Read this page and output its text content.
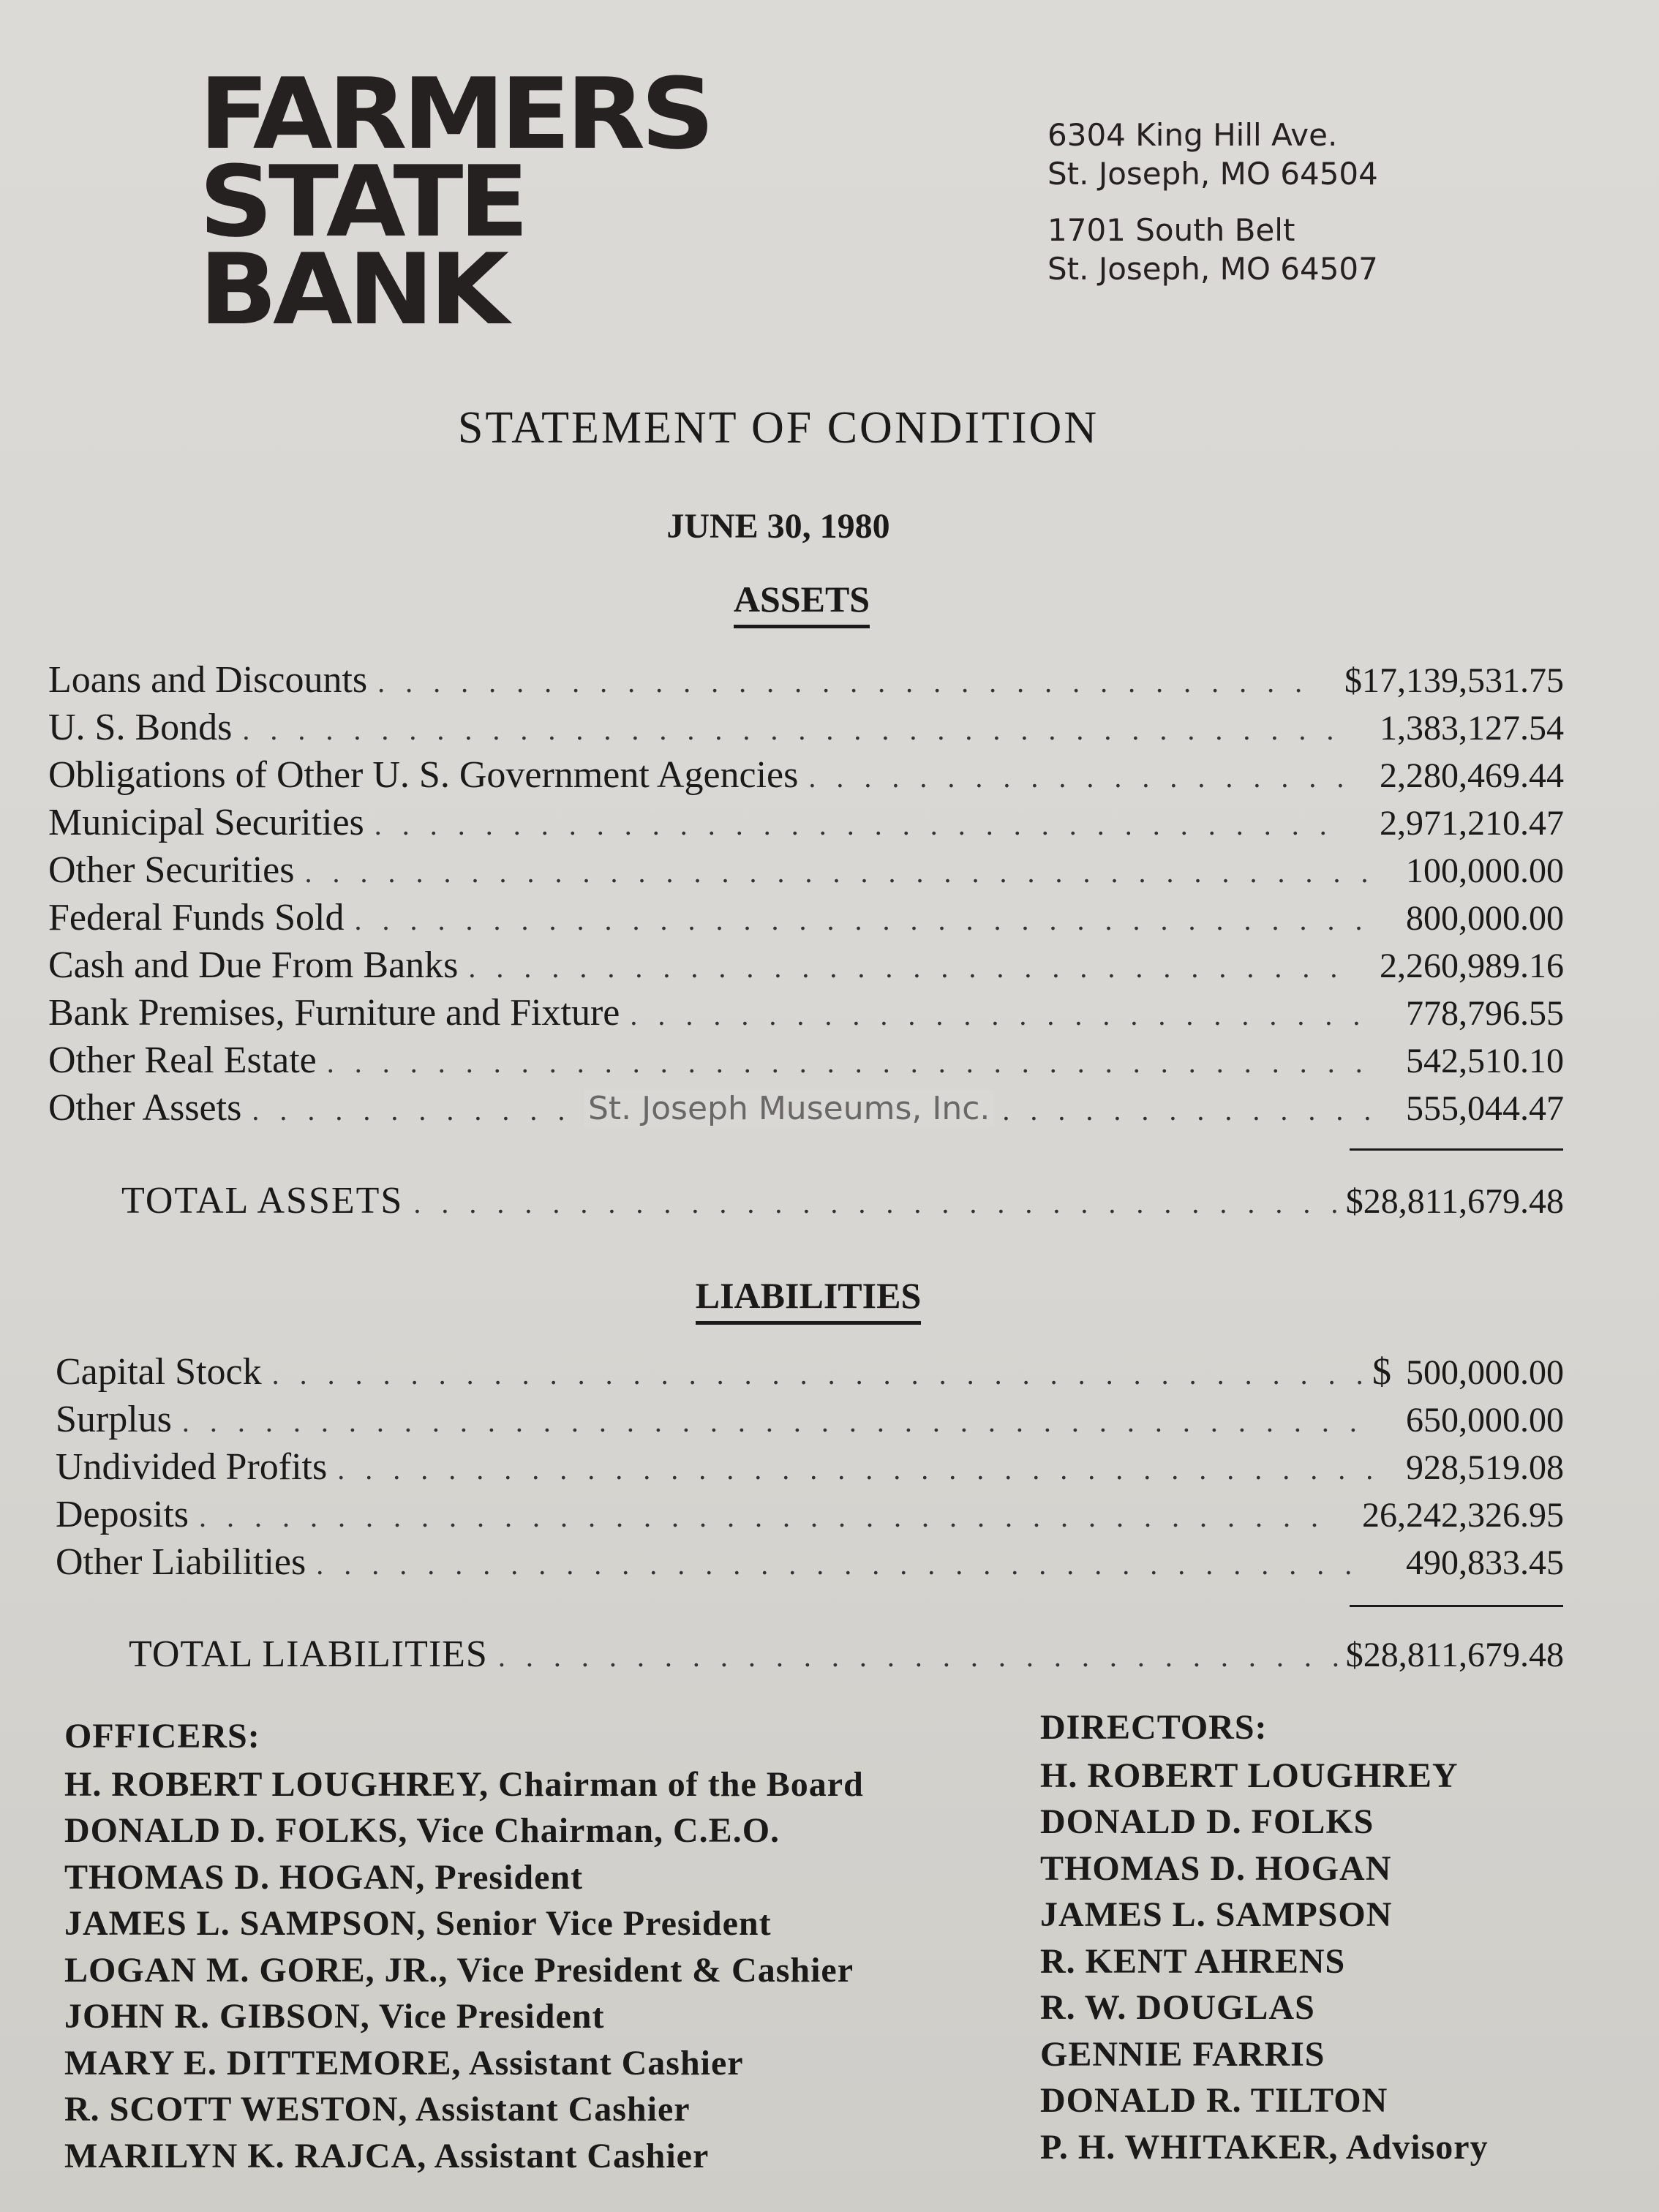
FARMERS
STATE
BANK
6304 King Hill Ave.
St. Joseph, MO 64504
1701 South Belt
St. Joseph, MO 64507
STATEMENT OF CONDITION
JUNE 30, 1980
ASSETS
Loans and Discounts . . .	$17,139,531.75
U. S. Bonds . . .	1,383,127.54
Obligations of Other U. S. Government Agencies . . .	2,280,469.44
Municipal Securities . . .	2,971,210.47
Other Securities . . .	100,000.00
Federal Funds Sold . . .	800,000.00
Cash and Due From Banks . . .	2,260,989.16
Bank Premises, Furniture and Fixture . . .	778,796.55
Other Real Estate . . .	542,510.10
Other Assets . . .	555,044.47
TOTAL ASSETS . . .	$28,811,679.48
St. Joseph Museums, Inc.
LIABILITIES
Capital Stock . . .	$ 500,000.00
Surplus . . .	650,000.00
Undivided Profits . . .	928,519.08
Deposits . . .	26,242,326.95
Other Liabilities . . .	490,833.45
TOTAL LIABILITIES . . .	$28,811,679.48
OFFICERS:
H. ROBERT LOUGHREY, Chairman of the Board
DONALD D. FOLKS, Vice Chairman, C.E.O.
THOMAS D. HOGAN, President
JAMES L. SAMPSON, Senior Vice President
LOGAN M. GORE, JR., Vice President & Cashier
JOHN R. GIBSON, Vice President
MARY E. DITTEMORE, Assistant Cashier
R. SCOTT WESTON, Assistant Cashier
MARILYN K. RAJCA, Assistant Cashier
DIRECTORS:
H. ROBERT LOUGHREY
DONALD D. FOLKS
THOMAS D. HOGAN
JAMES L. SAMPSON
R. KENT AHRENS
R. W. DOUGLAS
GENNIE FARRIS
DONALD R. TILTON
P. H. WHITAKER, Advisory
